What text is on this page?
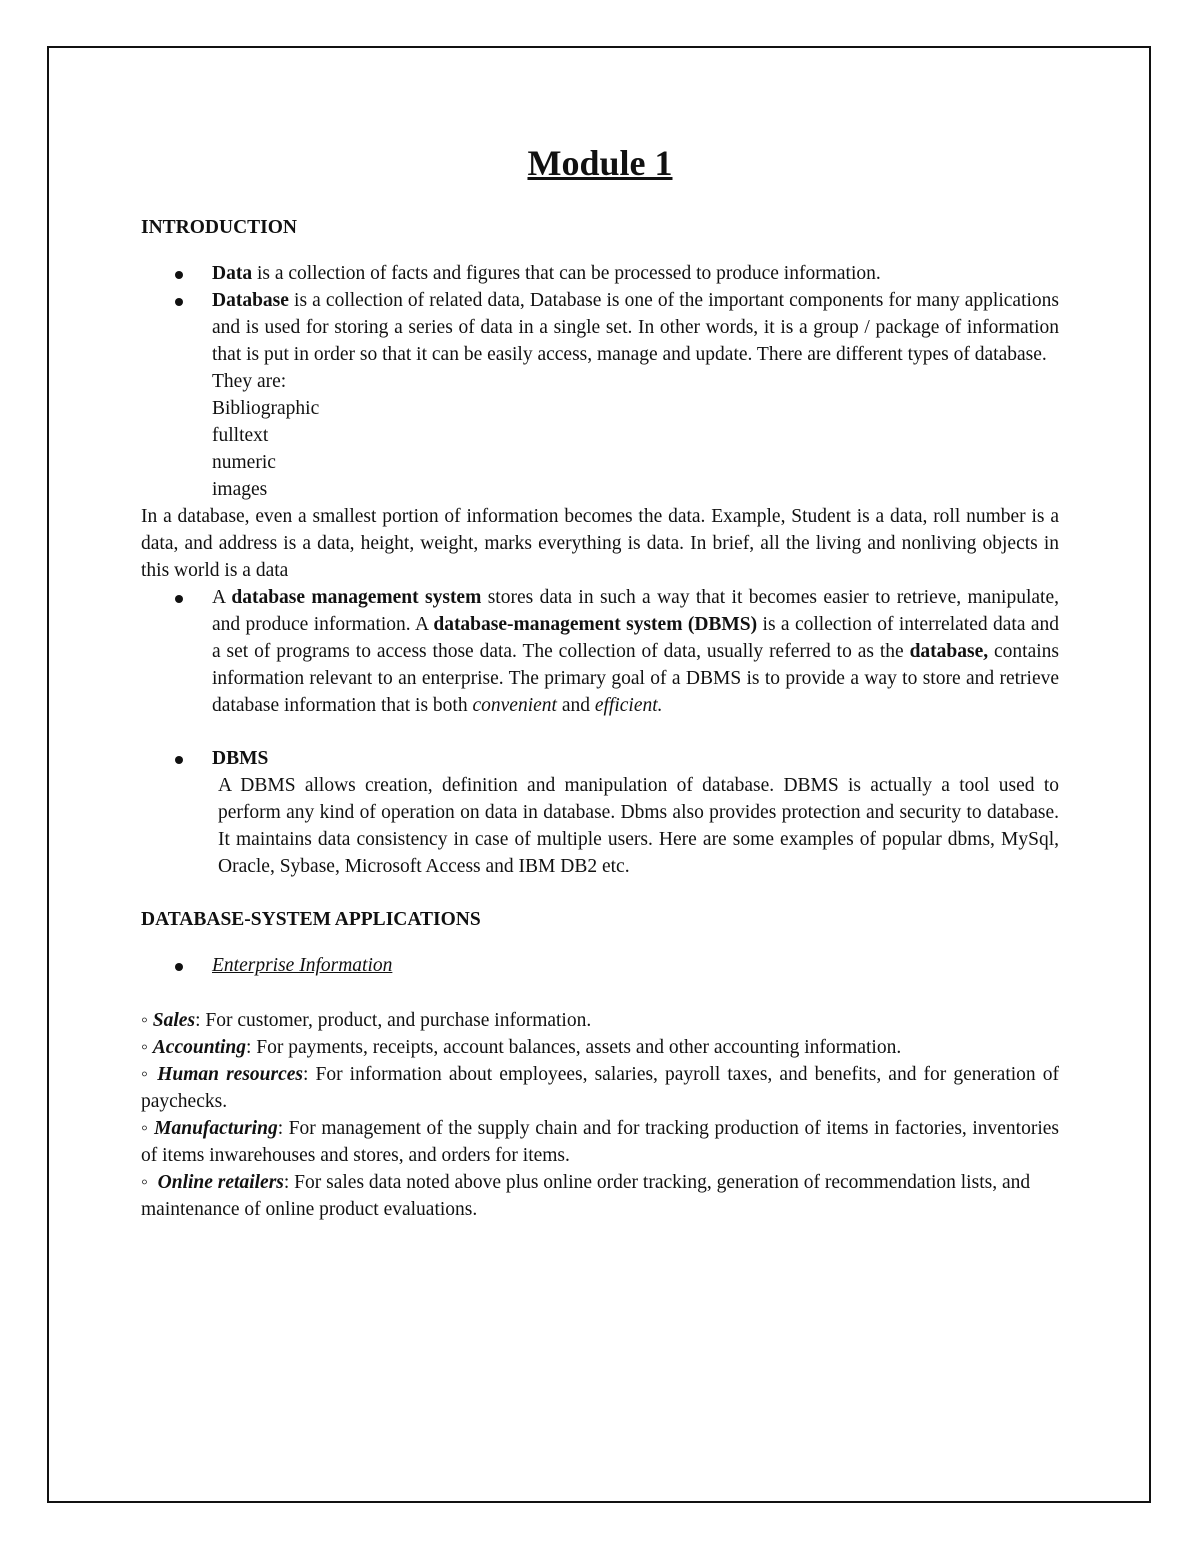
Module 1
INTRODUCTION
Data is a collection of facts and figures that can be processed to produce information.
Database is a collection of related data, Database is one of the important components for many applications and is used for storing a series of data in a single set. In other words, it is a group / package of information that is put in order so that it can be easily access, manage and update. There are different types of database.
They are:
Bibliographic
fulltext
numeric
images

In a database, even a smallest portion of information becomes the data. Example, Student is a data, roll number is a data, and address is a data, height, weight, marks everything is data. In brief, all the living and nonliving objects in this world is a data

A database management system stores data in such a way that it becomes easier to retrieve, manipulate, and produce information. A database-management system (DBMS) is a collection of interrelated data and a set of programs to access those data. The collection of data, usually referred to as the database, contains information relevant to an enterprise. The primary goal of a DBMS is to provide a way to store and retrieve database information that is both convenient and efficient.
DBMS
A DBMS allows creation, definition and manipulation of database. DBMS is actually a tool used to perform any kind of operation on data in database. Dbms also provides protection and security to database. It maintains data consistency in case of multiple users. Here are some examples of popular dbms, MySql, Oracle, Sybase, Microsoft Access and IBM DB2 etc.
DATABASE-SYSTEM APPLICATIONS
Enterprise Information

◦ Sales: For customer, product, and purchase information.

◦ Accounting: For payments, receipts, account balances, assets and other accounting information.

◦ Human resources: For information about employees, salaries, payroll taxes, and benefits, and for generation of paychecks.

◦ Manufacturing: For management of the supply chain and for tracking production of items in factories, inventories of items inwarehouses and stores, and orders for items.

◦  Online retailers: For sales data noted above plus online order tracking, generation of recommendation lists, and maintenance of online product evaluations.
